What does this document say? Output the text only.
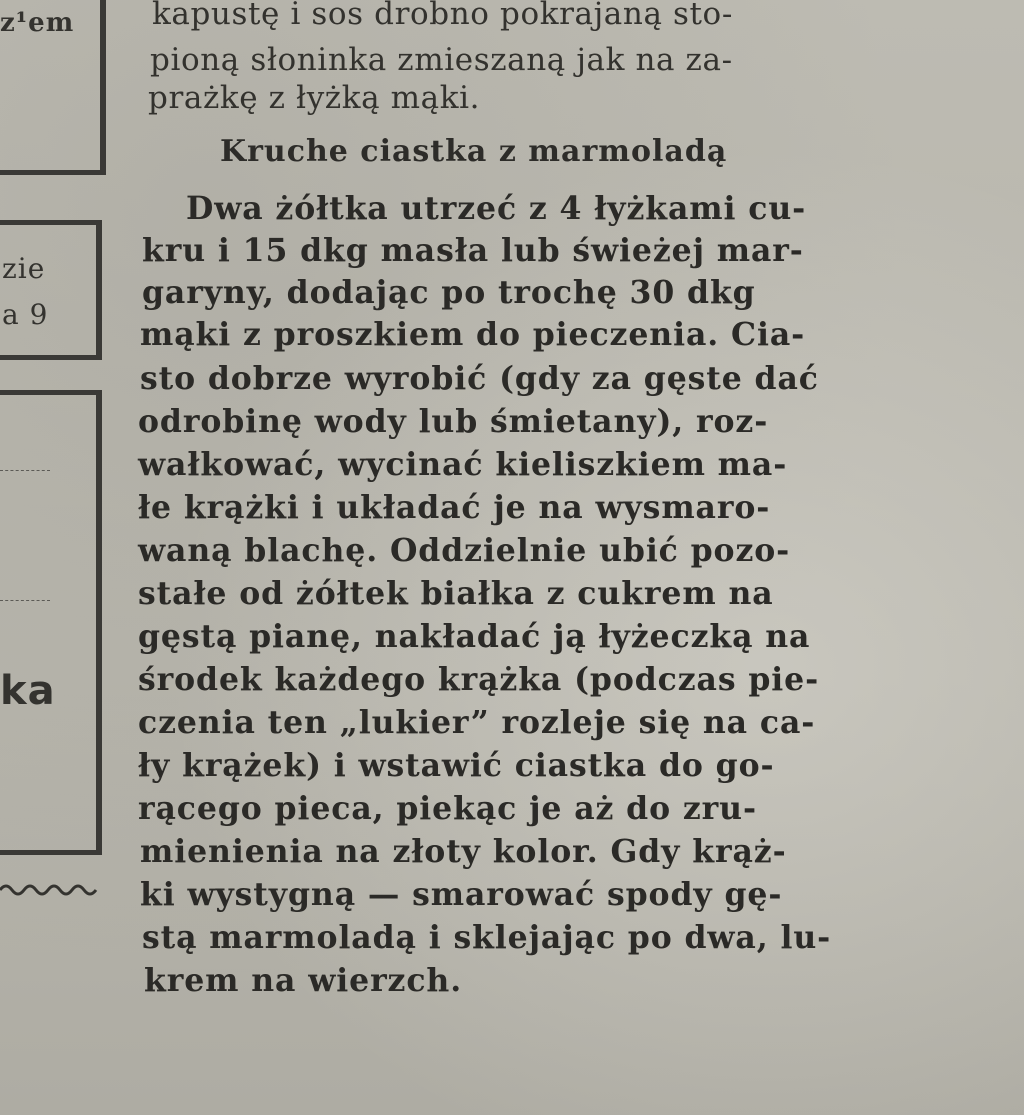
z¹em
zie
a 9
ka
kapustę i sos drobno pokrajaną sto-
pioną słoninka zmieszaną jak na za-
prażkę z łyżką mąki.
Kruche ciastka z marmoladą
Dwa żółtka utrzeć z 4 łyżkami cu-
kru i 15 dkg masła lub świeżej mar-
garyny, dodając po trochę 30 dkg
mąki z proszkiem do pieczenia. Cia-
sto dobrze wyrobić (gdy za gęste dać
odrobinę wody lub śmietany), roz-
wałkować, wycinać kieliszkiem ma-
łe krążki i układać je na wysmaro-
waną blachę. Oddzielnie ubić pozo-
stałe od żółtek białka z cukrem na
gęstą pianę, nakładać ją łyżeczką na
środek każdego krążka (podczas pie-
czenia ten „lukier” rozleje się na ca-
ły krążek) i wstawić ciastka do go-
rącego pieca, piekąc je aż do zru-
mienienia na złoty kolor. Gdy krąż-
ki wystygną — smarować spody gę-
stą marmoladą i sklejając po dwa, lu-
krem na wierzch.
